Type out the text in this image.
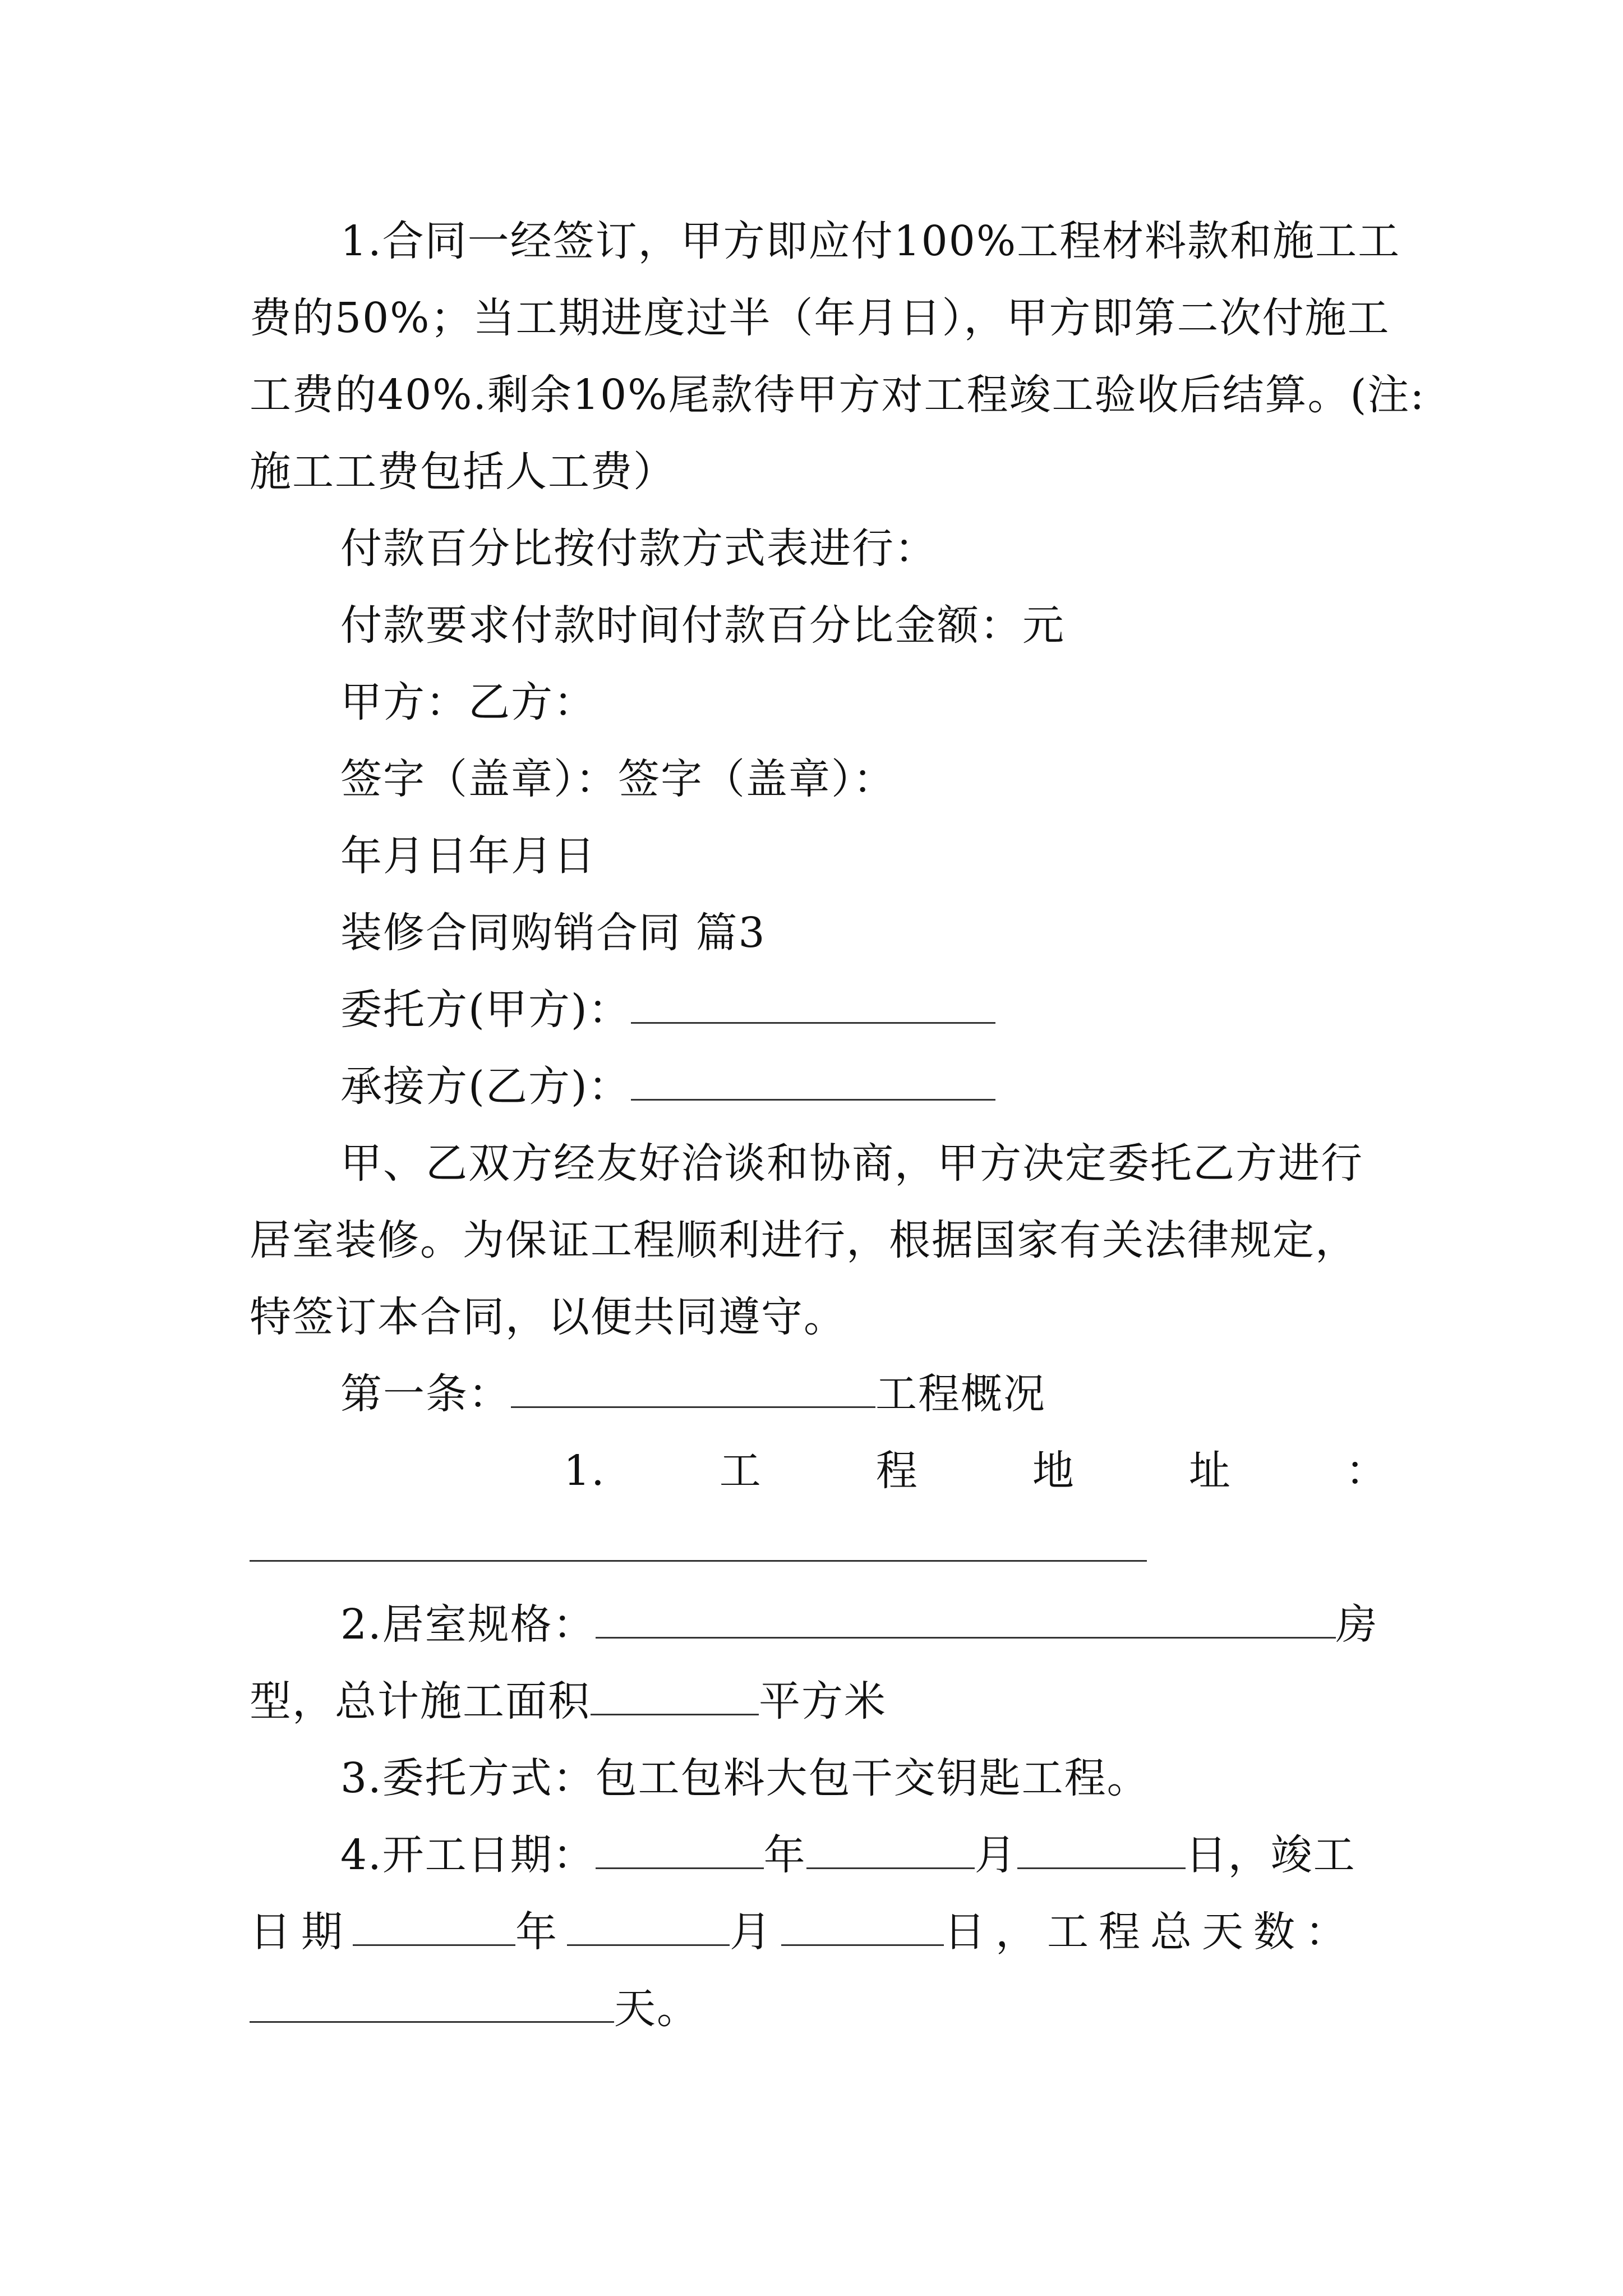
1.合同一经签订，甲方即应付100%工程材料款和施工工

费的50%；当工期进度过半（年月日），甲方即第二次付施工

工费的40%.剩余10%尾款待甲方对工程竣工验收后结算。(注:

施工工费包括人工费）

付款百分比按付款方式表进行：

付款要求付款时间付款百分比金额：元

甲方：乙方：

签字（盖章）：签字（盖章）：

年月日年月日

装修合同购销合同 篇3

委托方(甲方)：

承接方(乙方)：

甲、乙双方经友好洽谈和协商，甲方决定委托乙方进行

居室装修。为保证工程顺利进行，根据国家有关法律规定，

特签订本合同，以便共同遵守。

第一条：	工程概况

1.	工	程	地	址	：

2.居室规格：	房

型，总计施工面积	平方米

3.委托方式：包工包料大包干交钥匙工程。

4.开工日期：	年	月	日，竣工

日期	年	月	日，工程总天数：

天。
